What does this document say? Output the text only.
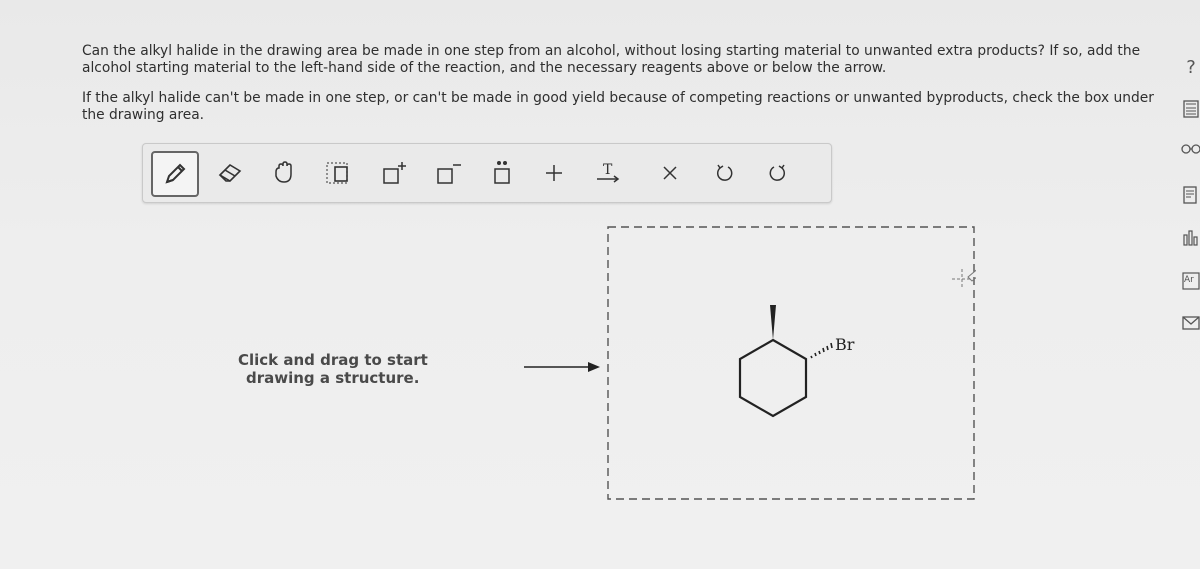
Can the alkyl halide in the drawing area be made in one step from an alcohol, without losing starting material to unwanted extra products? If so, add the alcohol starting material to the left-hand side of the reaction, and the necessary reagents above or below the arrow.
If the alkyl halide can't be made in one step, or can't be made in good yield because of competing reactions or unwanted byproducts, check the box under the drawing area.
T
Click and drag to start
drawing a structure.
Br
?
Ar
